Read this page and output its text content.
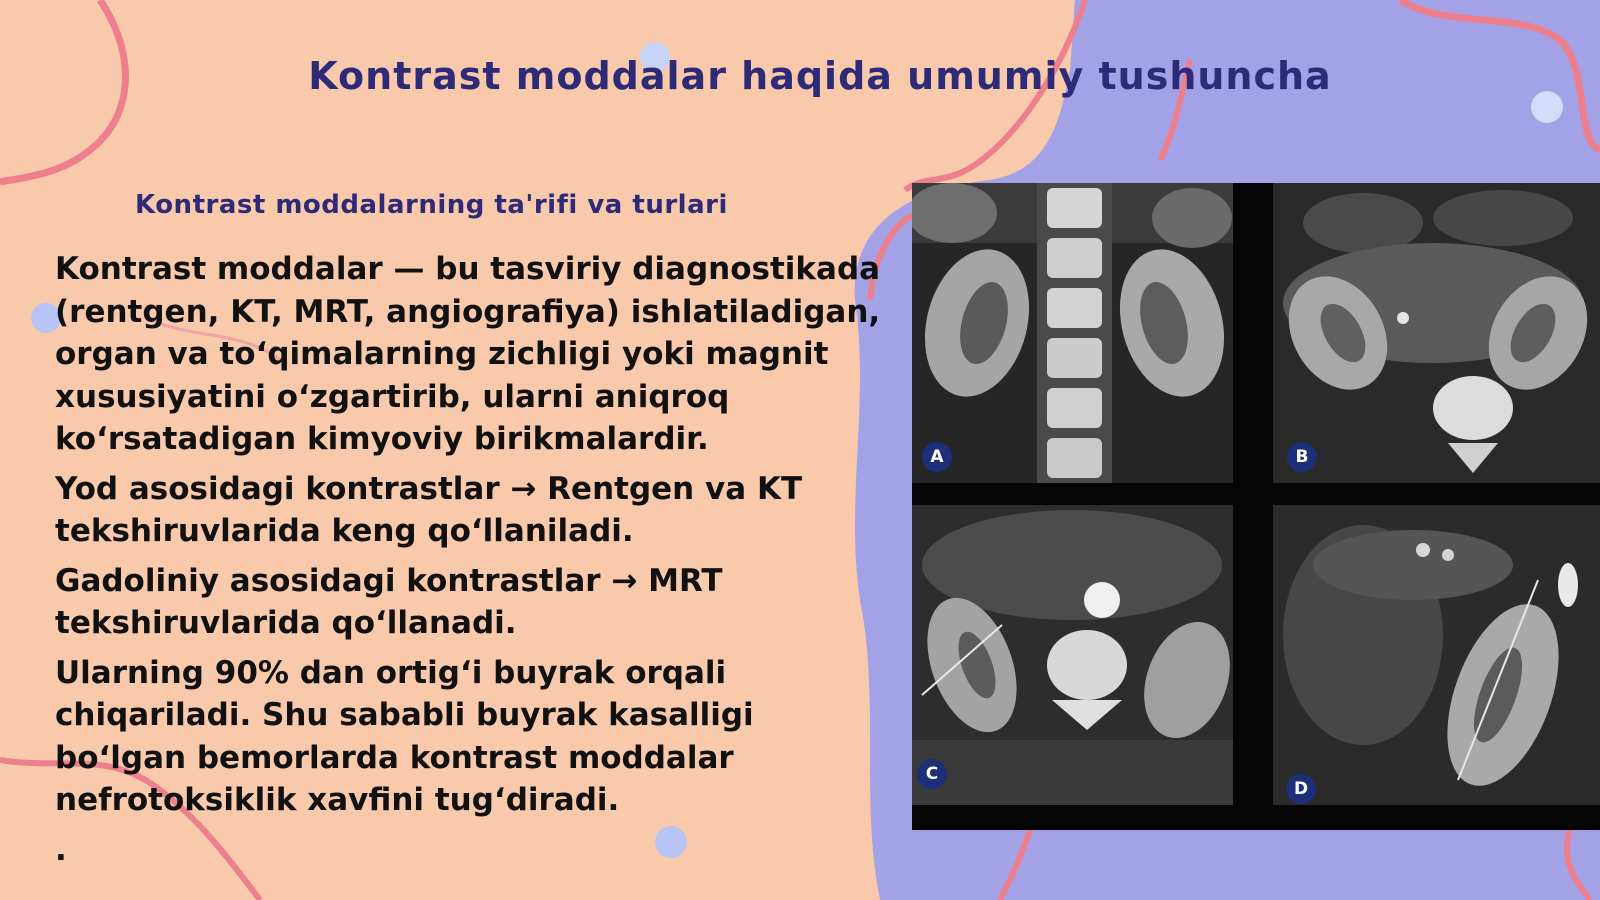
Kontrast moddalar haqida umumiy tushuncha
Kontrast moddalarning ta'rifi va turlari

Kontrast moddalar — bu tasviriy diagnostikada (rentgen, KT, MRT, angiografiya) ishlatiladigan, organ va to‘qimalarning zichligi yoki magnit xususiyatini o‘zgartirib, ularni aniqroq ko‘rsatadigan kimyoviy birikmalardir.

Yod asosidagi kontrastlar → Rentgen va KT tekshiruvlarida keng qo‘llaniladi.

Gadoliniy asosidagi kontrastlar → MRT tekshiruvlarida qo‘llanadi.

Ularning 90% dan ortig‘i buyrak orqali chiqariladi. Shu sababli buyrak kasalligi bo‘lgan bemorlarda kontrast moddalar nefrotoksiklik xavfini tug‘diradi.

.
A	B
C
D
